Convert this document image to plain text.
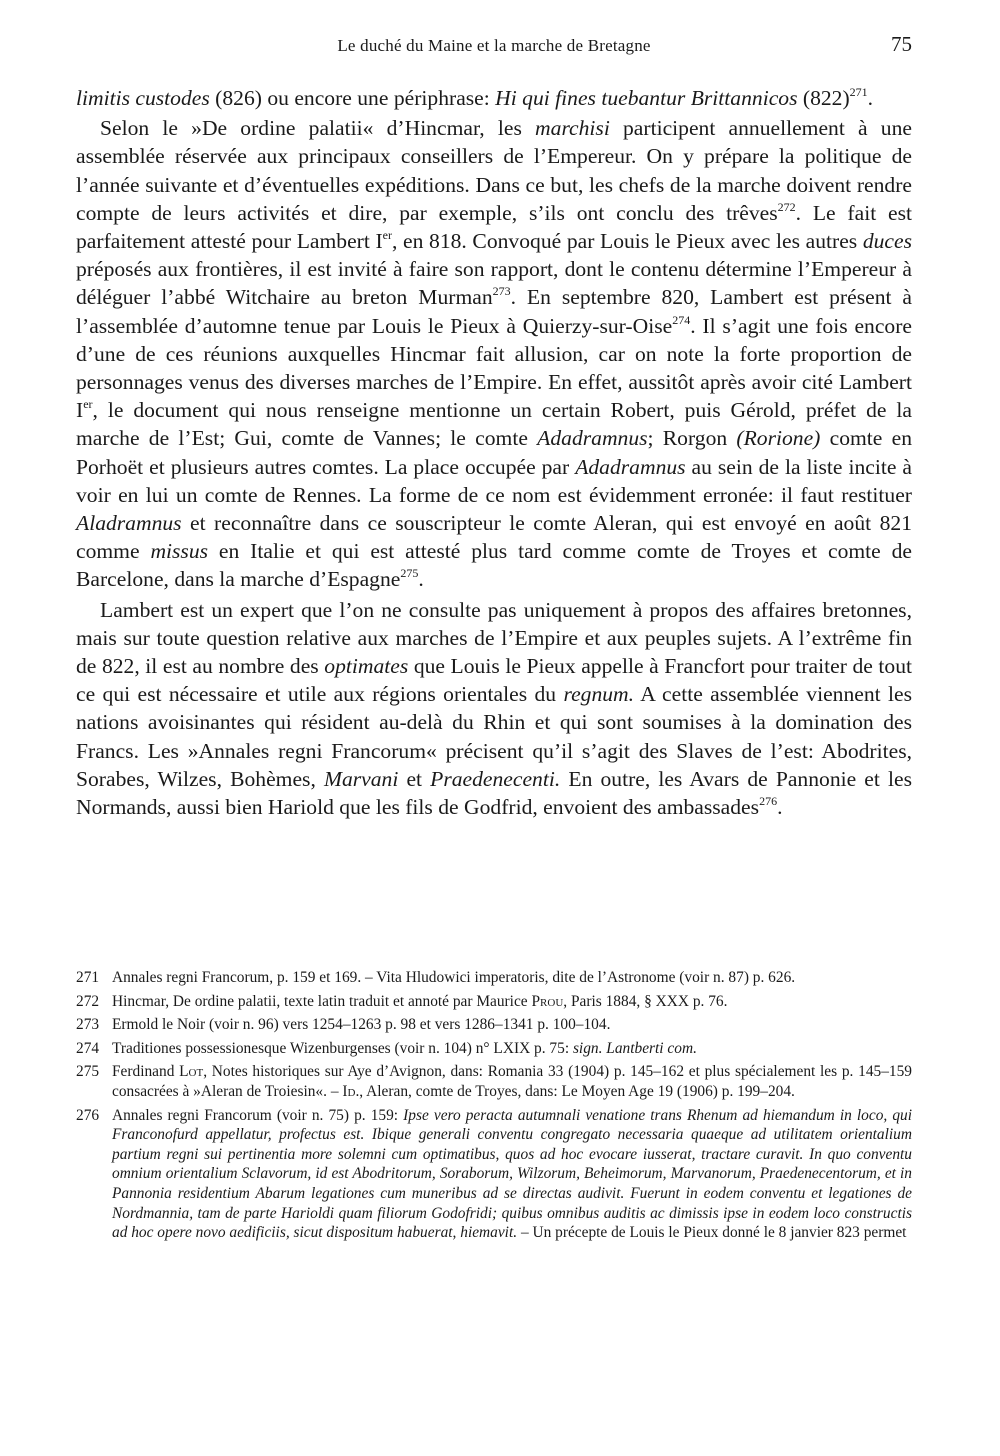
Le duché du Maine et la marche de Bretagne	75

limitis custodes (826) ou encore une périphrase: Hi qui fines tuebantur Brittannicos $(822)^{271}$.

Selon le »De ordine palatii« d’Hincmar, les marchisi participent annuellement à une assemblée réservée aux principaux conseillers de l’Empereur. On y prépare la politique de l’année suivante et d’éventuelles expéditions. Dans ce but, les chefs de la marche doivent rendre compte de leurs activités et dire, par exemple, s’ils ont conclu des trêves$^{272}$. Le fait est parfaitement attesté pour Lambert Ier, en 818. Convoqué par Louis le Pieux avec les autres duces préposés aux frontières, il est invité à faire son rapport, dont le contenu détermine l’Empereur à déléguer l’abbé Witchaire au breton Murman$^{273}$. En septembre 820, Lambert est présent à l’assemblée d’automne tenue par Louis le Pieux à Quierzy-sur-Oise$^{274}$. Il s’agit une fois encore d’une de ces réunions auxquelles Hincmar fait allusion, car on note la forte proportion de personnages venus des diverses marches de l’Empire. En effet, aussitôt après avoir cité Lambert Ier, le document qui nous renseigne mentionne un certain Robert, puis Gérold, préfet de la marche de l’Est; Gui, comte de Vannes; le comte Adadramnus; Rorgon (Rorione) comte en Porhoët et plusieurs autres comtes. La place occupée par Adadramnus au sein de la liste incite à voir en lui un comte de Rennes. La forme de ce nom est évidemment erronée: il faut restituer Aladramnus et reconnaître dans ce souscripteur le comte Aleran, qui est envoyé en août 821 comme missus en Italie et qui est attesté plus tard comme comte de Troyes et comte de Barcelone, dans la marche d’Espagne$^{275}$.

Lambert est un expert que l’on ne consulte pas uniquement à propos des affaires bretonnes, mais sur toute question relative aux marches de l’Empire et aux peuples sujets. A l’extrême fin de 822, il est au nombre des optimates que Louis le Pieux appelle à Francfort pour traiter de tout ce qui est nécessaire et utile aux régions orientales du regnum. A cette assemblée viennent les nations avoisinantes qui résident au-delà du Rhin et qui sont soumises à la domination des Francs. Les »Annales regni Francorum« précisent qu’il s’agit des Slaves de l’est: Abodrites, Sorabes, Wilzes, Bohèmes, Marvani et Praedenecenti. En outre, les Avars de Pannonie et les Normands, aussi bien Hariold que les fils de Godfrid, envoient des ambassades$^{276}$.

271 Annales regni Francorum, p. 159 et 169. – Vita Hludowici imperatoris, dite de l’Astronome (voir n. 87) p. 626.
272 Hincmar, De ordine palatii, texte latin traduit et annoté par Maurice Prou, Paris 1884, § XXX p. 76.
273 Ermold le Noir (voir n. 96) vers 1254–1263 p. 98 et vers 1286–1341 p. 100–104.
274 Traditiones possessionesque Wizenburgenses (voir n. 104) n° LXIX p. 75: sign. Lantberti com.
275 Ferdinand Lot, Notes historiques sur Aye d’Avignon, dans: Romania 33 (1904) p. 145–162 et plus spécialement les p. 145–159 consacrées à »Aleran de Troiesin«. – Id., Aleran, comte de Troyes, dans: Le Moyen Age 19 (1906) p. 199–204.
276 Annales regni Francorum (voir n. 75) p. 159: Ipse vero peracta autumnali venatione trans Rhenum ad hiemandum in loco, qui Franconofurd appellatur, profectus est. Ibique generali conventu congregato necessaria quaeque ad utilitatem orientalium partium regni sui pertinentia more solemni cum optimatibus, quos ad hoc evocare iusserat, tractare curavit. In quo conventu omnium orientalium Sclavorum, id est Abodritorum, Soraborum, Wilzorum, Beheimorum, Marvanorum, Praedenecentorum, et in Pannonia residentium Abarum legationes cum muneribus ad se directas audivit. Fuerunt in eodem conventu et legationes de Nordmannia, tam de parte Harioldi quam filiorum Godofridi; quibus omnibus auditis ac dimissis ipse in eodem loco constructis ad hoc opere novo aedificiis, sicut dispositum habuerat, hiemavit. – Un précepte de Louis le Pieux donné le 8 janvier 823 permet
